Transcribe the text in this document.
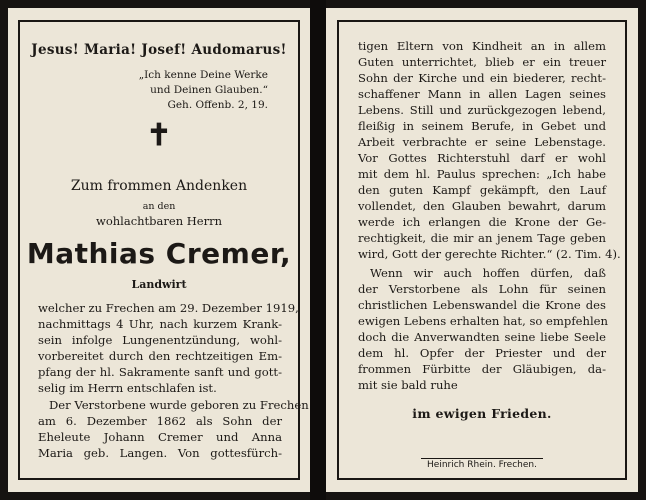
Jesus! Maria! Josef! Audomarus!
„Ich kenne Deine Werke
und Deinen Glauben.“
Geh. Offenb. 2, 19.
✝
Zum frommen Andenken
an den
wohlachtbaren Herrn
Mathias Cremer,
Landwirt
welcher zu Frechen am 29. Dezember 1919,
nachmittags 4 Uhr, nach kurzem Krank-
sein infolge Lungenentzündung, wohl-
vorbereitet durch den rechtzeitigen Em-
pfang der hl. Sakramente sanft und gott-
selig im Herrn entschlafen ist.
Der Verstorbene wurde geboren zu Frechen
am 6. Dezember 1862 als Sohn der
Eheleute Johann Cremer und Anna
Maria geb. Langen. Von gottesfürch-
tigen Eltern von Kindheit an in allem
Guten unterrichtet, blieb er ein treuer
Sohn der Kirche und ein biederer, recht-
schaffener Mann in allen Lagen seines
Lebens. Still und zurückgezogen lebend,
fleißig in seinem Berufe, in Gebet und
Arbeit verbrachte er seine Lebenstage.
Vor Gottes Richterstuhl darf er wohl
mit dem hl. Paulus sprechen: „Ich habe
den guten Kampf gekämpft, den Lauf
vollendet, den Glauben bewahrt, darum
werde ich erlangen die Krone der Ge-
rechtigkeit, die mir an jenem Tage geben
wird, Gott der gerechte Richter.“ (2. Tim. 4).
Wenn wir auch hoffen dürfen, daß
der Verstorbene als Lohn für seinen
christlichen Lebenswandel die Krone des
ewigen Lebens erhalten hat, so empfehlen
doch die Anverwandten seine liebe Seele
dem hl. Opfer der Priester und der
frommen Fürbitte der Gläubigen, da-
mit sie bald ruhe
im ewigen Frieden.
Heinrich Rhein. Frechen.
